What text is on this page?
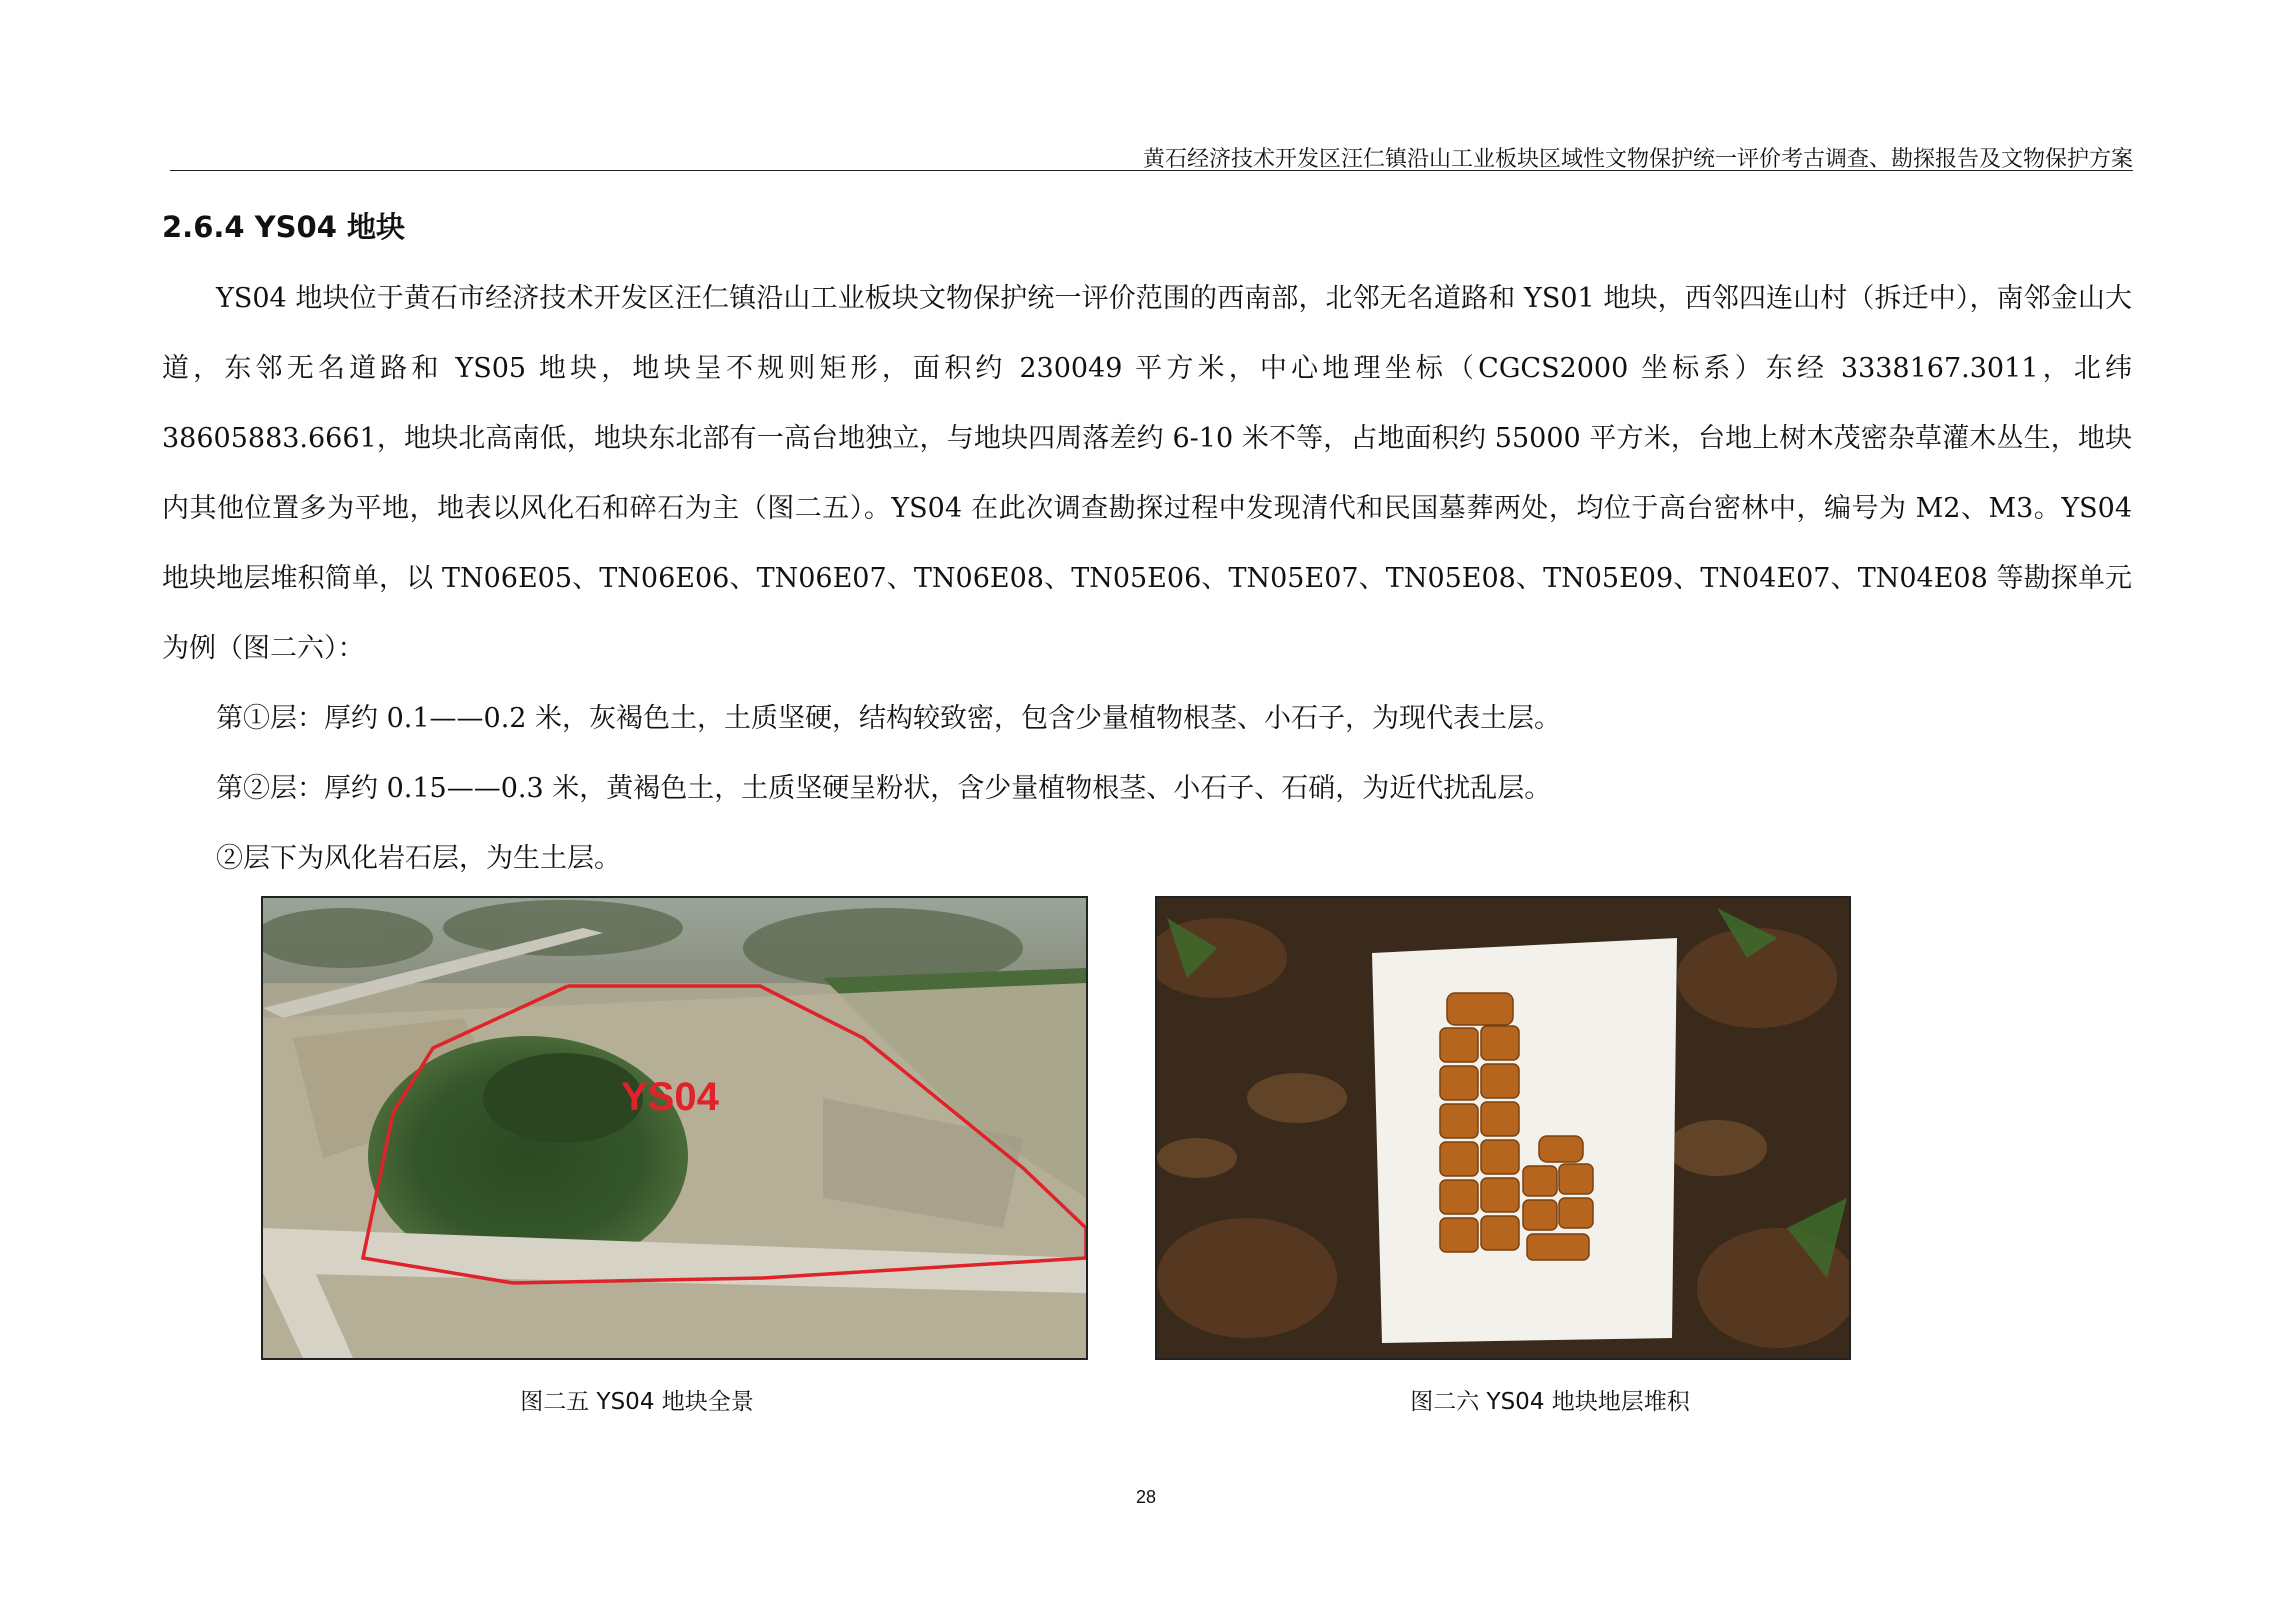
黄石经济技术开发区汪仁镇沿山工业板块区域性文物保护统一评价考古调查、勘探报告及文物保护方案
2.6.4 YS04 地块

YS04 地块位于黄石市经济技术开发区汪仁镇沿山工业板块文物保护统一评价范围的西南部，北邻无名道路和 YS01 地块，西邻四连山村（拆迁中），南邻金山大道，东邻无名道路和 YS05 地块，地块呈不规则矩形，面积约 230049 平方米，中心地理坐标（CGCS2000 坐标系）东经 3338167.3011，北纬 38605883.6661，地块北高南低，地块东北部有一高台地独立，与地块四周落差约 6-10 米不等，占地面积约 55000 平方米，台地上树木茂密杂草灌木丛生，地块内其他位置多为平地，地表以风化石和碎石为主（图二五）。YS04 在此次调查勘探过程中发现清代和民国墓葬两处，均位于高台密林中，编号为 M2、M3。YS04 地块地层堆积简单，以 TN06E05、TN06E06、TN06E07、TN06E08、TN05E06、TN05E07、TN05E08、TN05E09、TN04E07、TN04E08 等勘探单元为例（图二六）：

第①层：厚约 0.1——0.2 米，灰褐色土，土质坚硬，结构较致密，包含少量植物根茎、小石子，为现代表土层。

第②层：厚约 0.15——0.3 米，黄褐色土，土质坚硬呈粉状，含少量植物根茎、小石子、石硝，为近代扰乱层。

②层下为风化岩石层，为生土层。

YS04
图二五 YS04 地块全景	图二六 YS04 地块地层堆积
28
